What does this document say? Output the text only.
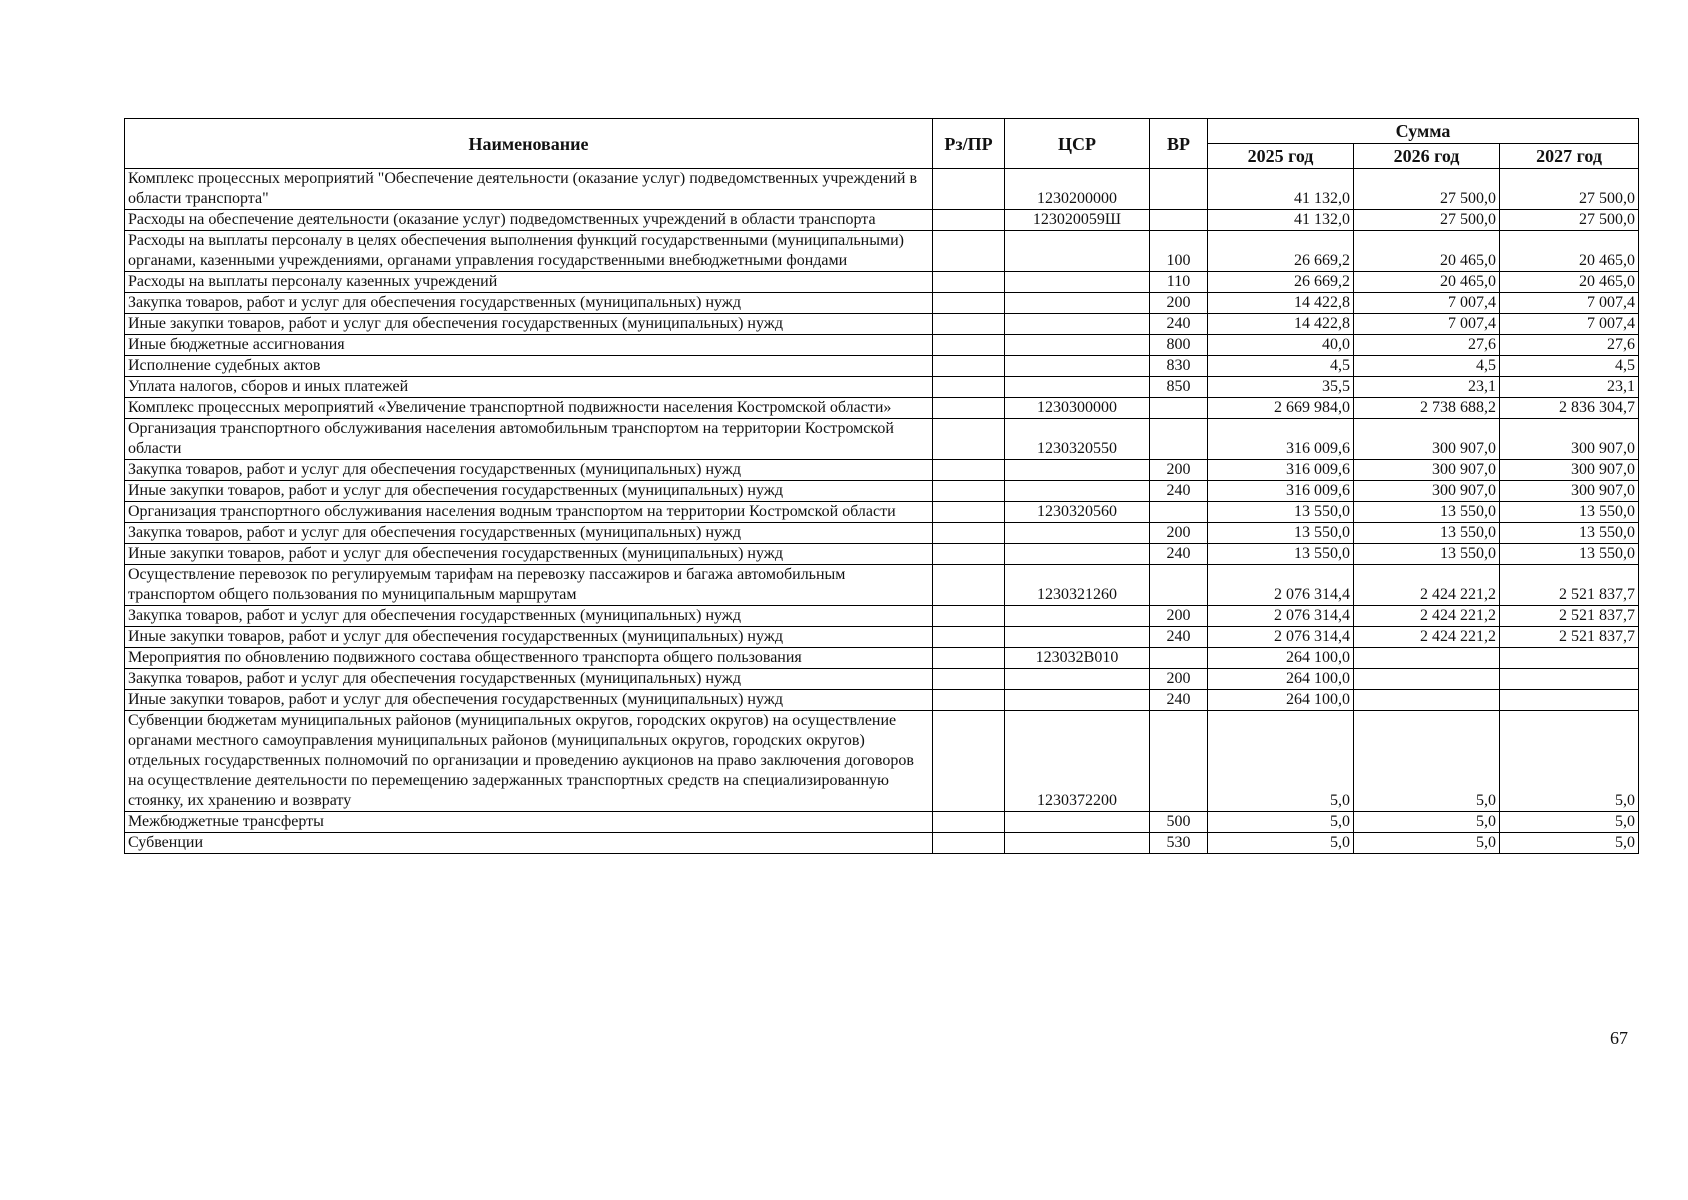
Наименование	Рз/ПР	ЦСР	ВР	Сумма		
				2025 год	2026 год	2027 год
Комплекс процессных мероприятий "Обеспечение деятельности (оказание услуг) подведомственных учреждений в области транспорта"		1230200000		41 132,0	27 500,0	27 500,0
Расходы на обеспечение деятельности (оказание услуг) подведомственных учреждений в области транспорта		123020059Ш		41 132,0	27 500,0	27 500,0
Расходы на выплаты персоналу в целях обеспечения выполнения функций государственными (муниципальными) органами, казенными учреждениями, органами управления государственными внебюджетными фондами			100	26 669,2	20 465,0	20 465,0
Расходы на выплаты персоналу казенных учреждений			110	26 669,2	20 465,0	20 465,0
Закупка товаров, работ и услуг для обеспечения государственных (муниципальных) нужд			200	14 422,8	7 007,4	7 007,4
Иные закупки товаров, работ и услуг для обеспечения государственных (муниципальных) нужд			240	14 422,8	7 007,4	7 007,4
Иные бюджетные ассигнования			800	40,0	27,6	27,6
Исполнение судебных актов			830	4,5	4,5	4,5
Уплата налогов, сборов и иных платежей			850	35,5	23,1	23,1
Комплекс процессных мероприятий «Увеличение транспортной подвижности населения Костромской области»		1230300000		2 669 984,0	2 738 688,2	2 836 304,7
Организация транспортного обслуживания населения автомобильным транспортом на территории Костромской области		1230320550		316 009,6	300 907,0	300 907,0
Закупка товаров, работ и услуг для обеспечения государственных (муниципальных) нужд			200	316 009,6	300 907,0	300 907,0
Иные закупки товаров, работ и услуг для обеспечения государственных (муниципальных) нужд			240	316 009,6	300 907,0	300 907,0
Организация транспортного обслуживания населения водным транспортом на территории Костромской области		1230320560		13 550,0	13 550,0	13 550,0
Закупка товаров, работ и услуг для обеспечения государственных (муниципальных) нужд			200	13 550,0	13 550,0	13 550,0
Иные закупки товаров, работ и услуг для обеспечения государственных (муниципальных) нужд			240	13 550,0	13 550,0	13 550,0
Осуществление перевозок по регулируемым тарифам на перевозку пассажиров и багажа автомобильным транспортом общего пользования по муниципальным маршрутам		1230321260		2 076 314,4	2 424 221,2	2 521 837,7
Закупка товаров, работ и услуг для обеспечения государственных (муниципальных) нужд			200	2 076 314,4	2 424 221,2	2 521 837,7
Иные закупки товаров, работ и услуг для обеспечения государственных (муниципальных) нужд			240	2 076 314,4	2 424 221,2	2 521 837,7
Мероприятия по обновлению подвижного состава общественного транспорта общего пользования		123032В010		264 100,0		
Закупка товаров, работ и услуг для обеспечения государственных (муниципальных) нужд			200	264 100,0		
Иные закупки товаров, работ и услуг для обеспечения государственных (муниципальных) нужд			240	264 100,0		
Субвенции бюджетам муниципальных районов (муниципальных округов, городских округов) на осуществление органами местного самоуправления муниципальных районов (муниципальных округов, городских округов) отдельных государственных полномочий по организации и проведению аукционов на право заключения договоров на осуществление деятельности по перемещению задержанных транспортных средств на специализированную стоянку, их хранению и возврату		1230372200		5,0	5,0	5,0
Межбюджетные трансферты			500	5,0	5,0	5,0
Субвенции			530	5,0	5,0	5,0
67
